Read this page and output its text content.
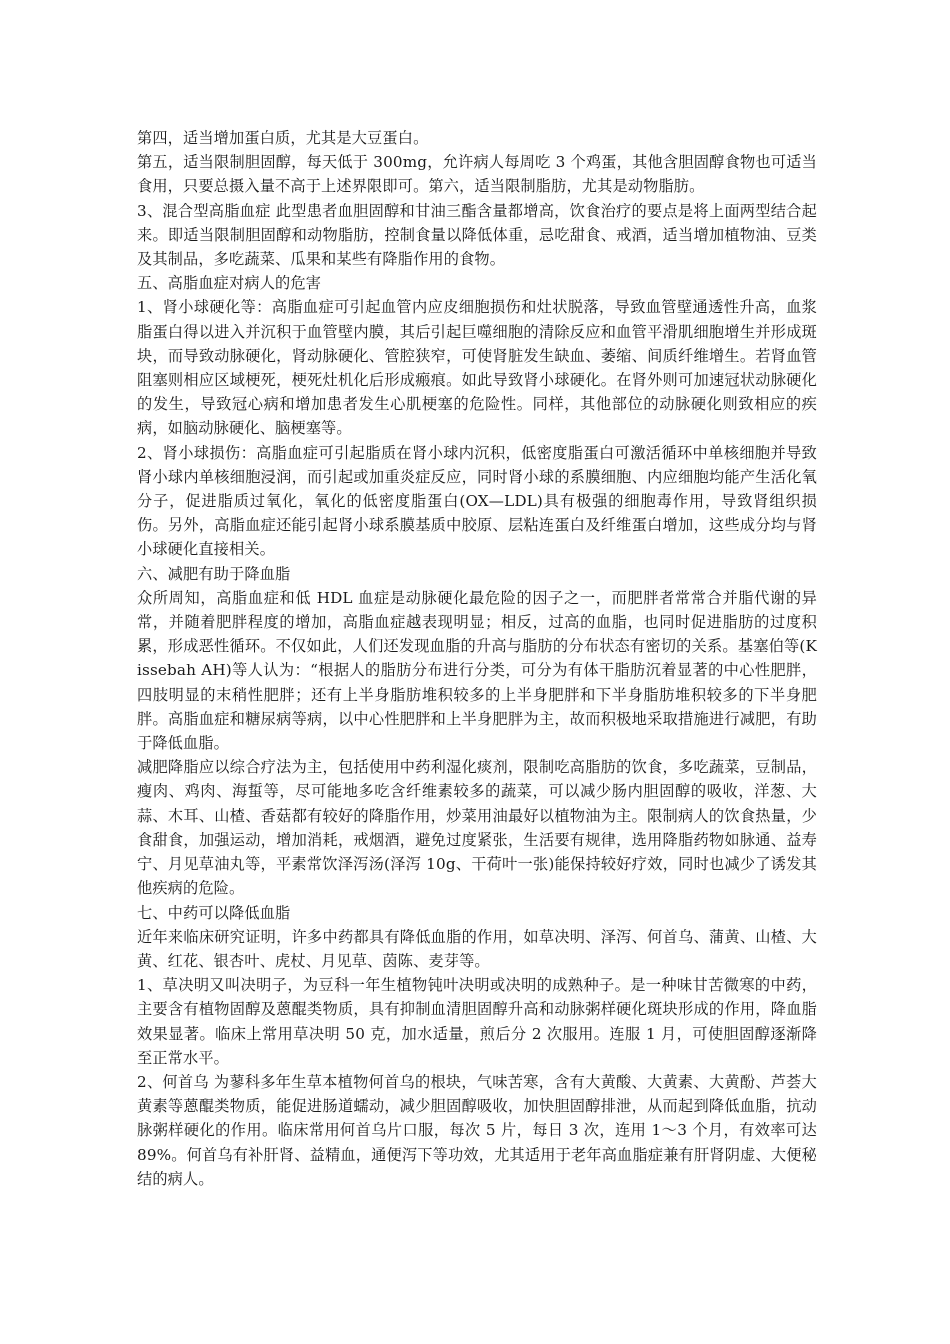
第四，适当增加蛋白质，尤其是大豆蛋白。

第五，适当限制胆固醇，每天低于 300mg，允许病人每周吃 3 个鸡蛋，其他含胆固醇食物也可适当食用，只要总摄入量不高于上述界限即可。第六，适当限制脂肪，尤其是动物脂肪。

3、混合型高脂血症 此型患者血胆固醇和甘油三酯含量都增高，饮食治疗的要点是将上面两型结合起来。即适当限制胆固醇和动物脂肪，控制食量以降低体重，忌吃甜食、戒酒，适当增加植物油、豆类及其制品，多吃蔬菜、瓜果和某些有降脂作用的食物。

五、高脂血症对病人的危害

1、肾小球硬化等：高脂血症可引起血管内应皮细胞损伤和灶状脱落，导致血管壁通透性升高，血浆脂蛋白得以进入并沉积于血管壁内膜，其后引起巨噬细胞的清除反应和血管平滑肌细胞增生并形成斑块，而导致动脉硬化，肾动脉硬化、管腔狭窄，可使肾脏发生缺血、萎缩、间质纤维增生。若肾血管阻塞则相应区域梗死，梗死灶机化后形成瘢痕。如此导致肾小球硬化。在肾外则可加速冠状动脉硬化的发生，导致冠心病和增加患者发生心肌梗塞的危险性。同样，其他部位的动脉硬化则致相应的疾病，如脑动脉硬化、脑梗塞等。

2、肾小球损伤：高脂血症可引起脂质在肾小球内沉积，低密度脂蛋白可激活循环中单核细胞并导致肾小球内单核细胞浸润，而引起或加重炎症反应，同时肾小球的系膜细胞、内应细胞均能产生活化氧分子，促进脂质过氧化，氧化的低密度脂蛋白(OX—LDL)具有极强的细胞毒作用，导致肾组织损伤。另外，高脂血症还能引起肾小球系膜基质中胶原、层粘连蛋白及纤维蛋白增加，这些成分均与肾小球硬化直接相关。

六、减肥有助于降血脂

众所周知，高脂血症和低 HDL 血症是动脉硬化最危险的因子之一，而肥胖者常常合并脂代谢的异常，并随着肥胖程度的增加，高脂血症越表现明显；相反，过高的血脂，也同时促进脂肪的过度积累，形成恶性循环。不仅如此，人们还发现血脂的升高与脂肪的分布状态有密切的关系。基塞伯等(Kissebah AH)等人认为：“根据人的脂肪分布进行分类，可分为有体干脂肪沉着显著的中心性肥胖，四肢明显的末稍性肥胖；还有上半身脂肪堆积较多的上半身肥胖和下半身脂肪堆积较多的下半身肥胖。高脂血症和糖尿病等病，以中心性肥胖和上半身肥胖为主，故而积极地采取措施进行减肥，有助于降低血脂。

减肥降脂应以综合疗法为主，包括使用中药利湿化痰剂，限制吃高脂肪的饮食，多吃蔬菜，豆制品，瘦肉、鸡肉、海蜇等，尽可能地多吃含纤维素较多的蔬菜，可以减少肠内胆固醇的吸收，洋葱、大蒜、木耳、山楂、香菇都有较好的降脂作用，炒菜用油最好以植物油为主。限制病人的饮食热量，少食甜食，加强运动，增加消耗，戒烟酒，避免过度紧张，生活要有规律，选用降脂药物如脉通、益寿宁、月见草油丸等，平素常饮泽泻汤(泽泻 10g、干荷叶一张)能保持较好疗效，同时也减少了诱发其他疾病的危险。

七、中药可以降低血脂

近年来临床研究证明，许多中药都具有降低血脂的作用，如草决明、泽泻、何首乌、蒲黄、山楂、大黄、红花、银杏叶、虎杖、月见草、茵陈、麦芽等。

1、草决明又叫决明子，为豆科一年生植物钝叶决明或决明的成熟种子。是一种味甘苦微寒的中药，主要含有植物固醇及蒽醌类物质，具有抑制血清胆固醇升高和动脉粥样硬化斑块形成的作用，降血脂效果显著。临床上常用草决明 50 克，加水适量，煎后分 2 次服用。连服 1 月，可使胆固醇逐渐降至正常水平。

2、何首乌 为蓼科多年生草本植物何首乌的根块，气味苦寒，含有大黄酸、大黄素、大黄酚、芦荟大黄素等蒽醌类物质，能促进肠道蠕动，减少胆固醇吸收，加快胆固醇排泄，从而起到降低血脂，抗动脉粥样硬化的作用。临床常用何首乌片口服，每次 5 片，每日 3 次，连用 1～3 个月，有效率可达 89%。何首乌有补肝肾、益精血，通便泻下等功效，尤其适用于老年高血脂症兼有肝肾阴虚、大便秘结的病人。
